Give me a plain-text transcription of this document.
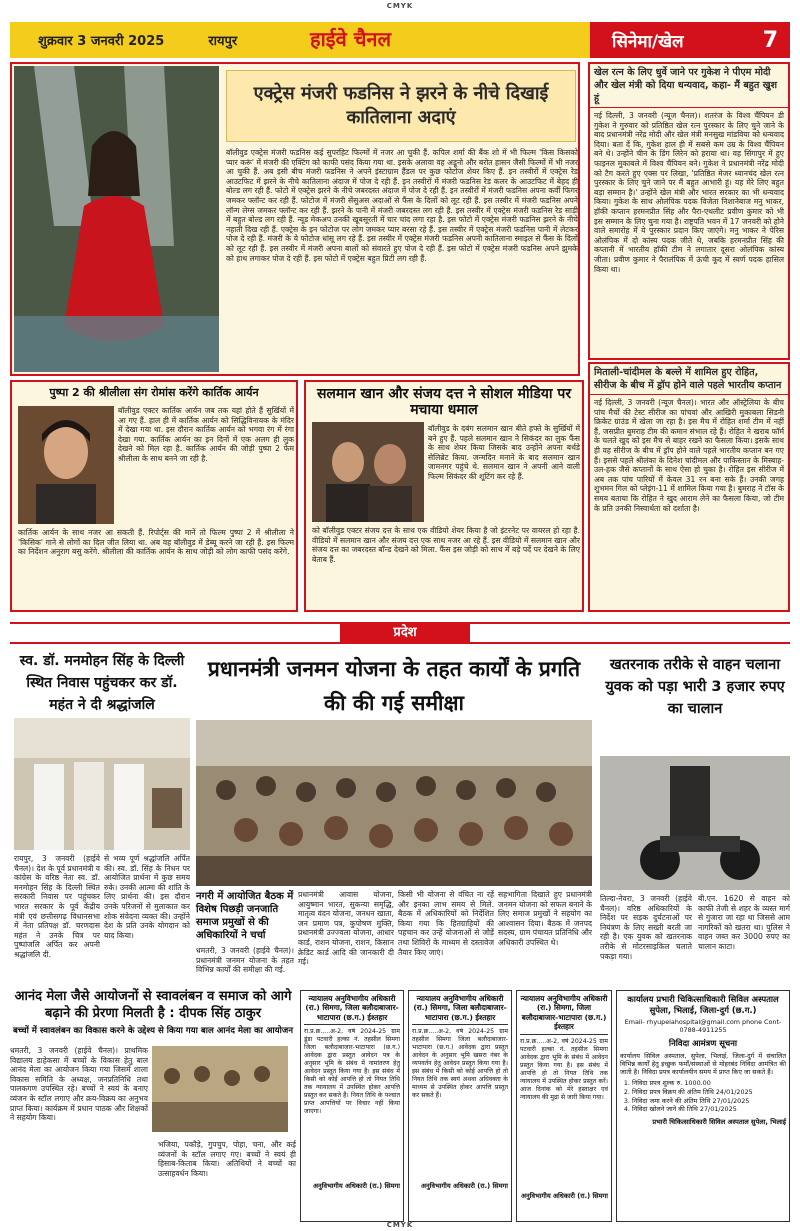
CMYK
शुक्रवार 3 जनवरी 2025	रायपुर	हाईवे चैनल	सिनेमा/खेल	7
एक्ट्रेस मंजरी फडनिस ने झरने के नीचे दिखाई कातिलाना अदाएं
बॉलीवुड एक्ट्रेस मंजरी फडनिस कई सुपरहिट फिल्मों में नजर आ चुकी हैं. कपिल शर्मा की बैंक शो में भी फिल्म 'किस किसको प्यार करूं' में मंजरी की एक्टिंग को काफी पसंद किया गया था. इसके अलावा वह अडूनो और बरोत हासन जैसी फिल्मों में भी नजर आ चुकी हैं. अब इसी बीच मंजरी फडनिस ने अपने इंस्टाग्राम हैंडल पर कुछ फोटोज शेयर किए हैं. इन तस्वीरों में एक्ट्रेस रेड आउटफिट में झरने के नीचे कातिलाना अंदाज में पोज दे रही हैं. इन तस्वीरों में मंजरी फडनिस रेड कलर के आउटफिट में बेहद ही बोल्ड लग रही हैं. फोटो में एक्ट्रेस झरने के नीचे जबरदस्त अंदाज में पोज दे रही हैं. इन तस्वीरों में मंजरी फडनिस अपना कर्वी फिगर जमकर फ्लॉन्ट कर रही हैं. फोटोज में मंजरी सेंसुअस अदाओं से फैंस के दिलों को लूट रही हैं. इस तस्वीर में मंजरी फडनिस अपने लॉन्ग लेग्स जमकर फ्लॉन्ट कर रही हैं. झरने के पानी में मंजरी जबरदस्त लग रही हैं. इस तस्वीर में एक्ट्रेस मंजरी फडनिस रेड साड़ी में बहुत बोल्ड लग रही हैं. न्यूड मेकअप उनकी खूबसूरती में चार चांद लगा रहा है. इस फोटो में एक्ट्रेस मंजरी फडनिस झरने के नीचे नहाती दिख रही हैं. एक्ट्रेस के इन फोटोज पर लोग जमकर प्यार बरसा रहे हैं. इस तस्वीर में एक्ट्रेस मंजरी फडनिस पानी में लेटकर पोज दे रही हैं. मंजरी के ये फोटोज धांसू लग रहे हैं. इस तस्वीर में एक्ट्रेस मंजरी फडनिस अपनी कातिलाना स्माइल से फैंस के दिलों को लूट रही हैं. इस तस्वीर में मंजरी अपना बालों को संवारते हुए पोज दे रही हैं. इस फोटो में एक्ट्रेस मंजरी फडनिस अपने झुमके को हाथ लगाकर पोज दे रही हैं. इस फोटो में एक्ट्रेस बहुत प्रिटी लग रही हैं.
खेल रत्न के लिए धुर्वे जाने पर गुकेश ने पीएम मोदी और खेल मंत्री को दिया धन्यवाद, कहा- मैं बहुत खुश हूं
नई दिल्ली, 3 जनवरी (न्यूज चैनल)। शतरंज के विश्व चैंपियन डी गुकेश ने गुरुवार को प्रतिष्ठित खेल रत्न पुरस्कार के लिए चुने जाने के बाद प्रधानमंत्री नरेंद्र मोदी और खेल मंत्री मनसुख मांडविया को धन्यवाद दिया। बता दें कि, गुकेश हाल ही में सबसे कम उम्र के विश्व चैंपियन बने थे। उन्होंने चीन के डिंग लिरेन को हराया था। वह सिंगापुर में हुए फाइनल मुकाबले में विश्व चैंपियन बने। गुकेश ने प्रधानमंत्री नरेंद्र मोदी को टैग करते हुए एक्स पर लिखा, 'प्रतिष्ठित मेजर ध्यानचंद खेल रत्न पुरस्कार के लिए चुने जाने पर मैं बहुत आभारी हूं। यह मेरे लिए बहुत बड़ा सम्मान है।' उन्होंने खेल मंत्री और भारत सरकार का भी धन्यवाद किया। गुकेश के साथ ओलंपिक पदक विजेता निशानेबाज मनु भाकर, हॉकी कप्तान हरमनप्रीत सिंह और पैरा-एथलीट प्रवीण कुमार को भी इस सम्मान के लिए चुना गया है। राष्ट्रपति भवन में 17 जनवरी को होने वाले समारोह में ये पुरस्कार प्रदान किए जाएंगे। मनु भाकर ने पेरिस ओलंपिक में दो कांस्य पदक जीते थे, जबकि हरमनप्रीत सिंह की कप्तानी में भारतीय हॉकी टीम ने लगातार दूसरा ओलंपिक कांस्य जीता। प्रवीण कुमार ने पैरालंपिक में ऊंची कूद में स्वर्ण पदक हासिल किया था।
मिताली-चांदीमल के बल्ले में शामिल हुए रोहित, सीरीज के बीच में ड्रॉप होने वाले पहले भारतीय कप्तान
नई दिल्ली, 3 जनवरी (न्यूज चैनल)। भारत और ऑस्ट्रेलिया के बीच पांच मैचों की टेस्ट सीरीज का पांचवां और आखिरी मुकाबला सिडनी क्रिकेट ग्राउंड में खेला जा रहा है। इस मैच में रोहित शर्मा टीम में नहीं हैं, जसप्रीत बुमराह टीम की कमान संभाल रहे हैं। रोहित ने खराब फॉर्म के चलते खुद को इस मैच से बाहर रखने का फैसला किया। इसके साथ ही वह सीरीज के बीच में ड्रॉप होने वाले पहले भारतीय कप्तान बन गए हैं। इससे पहले श्रीलंका के दिनेश चांदीमल और पाकिस्तान के मिस्बाह-उल-हक जैसे कप्तानों के साथ ऐसा हो चुका है। रोहित इस सीरीज में अब तक पांच पारियों में केवल 31 रन बना सके हैं। उनकी जगह शुभमन गिल को प्लेइंग-11 में शामिल किया गया है। बुमराह ने टॉस के समय बताया कि रोहित ने खुद आराम लेने का फैसला किया, जो टीम के प्रति उनकी निस्वार्थता को दर्शाता है।
पुष्पा 2 की श्रीलीला संग रोमांस करेंगे कार्तिक आर्यन
बॉलीवुड एक्टर कार्तिक आर्यन जब तक यहां होते हैं सुर्खियों में आ गए हैं. हाल ही में कार्तिक आर्यन को सिद्धिविनायक के मंदिर में देखा गया था. इस दौरान कार्तिक आर्यन को भगवा रंग में रंगा देखा गया. कार्तिक आर्यन का इन दिनों में एक अलग ही लुक देखने को मिल रहा है. कार्तिक आर्यन की जोड़ी पुष्पा 2 फेम श्रीलीला के साथ बनने जा रही है.
कार्तिक आर्यन के साथ नजर आ सकती हैं. रिपोर्ट्स की मानें तो फिल्म पुष्पा 2 में श्रीलीला ने 'किसिक' गाने से लोगों का दिल जीत लिया था. अब वह बॉलीवुड में डेब्यू करने जा रही हैं. इस फिल्म का निर्देशन अनुराग बसु करेंगे. श्रीलीला की कार्तिक आर्यन के साथ जोड़ी को लोग काफी पसंद करेंगे.
सलमान खान और संजय दत्त ने सोशल मीडिया पर मचाया धमाल
बॉलीवुड के दबंग सलमान खान बीते हफ्ते के सुर्खियों में बने हुए हैं. पहले सलमान खान ने सिकंदर का लुक फैंस के साथ शेयर किया जिसके बाद उन्होंने अपना बर्थडे सेलिब्रेट किया. जन्मदिन मनाने के बाद सलमान खान जामनगर पहुंचे थे. सलमान खान ने अपनी आने वाली फिल्म सिकंदर की शूटिंग कर रहे हैं.
को बॉलीवुड एक्टर संजय दत्त के साथ एक वीडियो शेयर किया है जो इंटरनेट पर वायरल हो रहा है. वीडियो में सलमान खान और संजय दत्त एक साथ नजर आ रहे हैं. इस वीडियो में सलमान खान और संजय दत्त का जबरदस्त बॉन्ड देखने को मिला. फैंस इस जोड़ी को साथ में बड़े पर्दे पर देखने के लिए बेताब हैं.
प्रदेश
स्व. डॉ. मनमोहन सिंह के दिल्ली स्थित निवास पहुंचकर कर डॉ. महंत ने दी श्रद्धांजलि
रायपुर, 3 जनवरी (हाईवे चैनल)। देश के पूर्व प्रधानमंत्री व कांग्रेस के वरिष्ठ नेता स्व. डॉ. मनमोहन सिंह के दिल्ली स्थित सरकारी निवास पर पहुंचकर भारत सरकार के पूर्व केंद्रीय मंत्री एवं छत्तीसगढ़ विधानसभा में नेता प्रतिपक्ष डॉ. चरणदास महंत ने उनके चित्र पर पुष्पांजलि अर्पित कर अपनी श्रद्धांजलि दी.
से भव्य पूर्ण श्रद्धांजलि अर्पित की। स्व. डॉ. सिंह के निधन पर आयोजित प्रार्थना में कुछ समय रुके। उनकी आत्मा की शांति के लिए प्रार्थना की। इस दौरान उनके परिजनों से मुलाकात कर शोक संवेदना व्यक्त की। उन्होंने देश के प्रति उनके योगदान को याद किया।
प्रधानमंत्री जनमन योजना के तहत कार्यों के प्रगति की की गई समीक्षा
नगरी में आयोजित बैठक में विशेष पिछड़ी जनजाति समाज प्रमुखों से की अधिकारियों ने चर्चा
धमतरी, 3 जनवरी (हाईवे चैनल)। प्रधानमंत्री जनमन योजना के तहत विभिन्न कार्यों की समीक्षा की गई.
प्रधानमंत्री आवास योजना, आयुष्मान भारत, सुकन्या समृद्धि, मातृत्व वंदन योजना, जनधन खाता, जन प्रमाण पत्र, कुपोषण मुक्ति, प्रधानमंत्री उज्ज्वला योजना, आधार कार्ड, राशन योजना, राशन, किसान क्रेडिट कार्ड आदि की जानकारी दी गई।
किसी भी योजना से वंचित ना रहें और इनका लाभ समय से मिले. बैठक में अधिकारियों को निर्देशित किया गया कि हितग्राहियों की पहचान कर उन्हें योजनाओं से जोड़ें तथा शिविरों के माध्यम से दस्तावेज तैयार किए जाएं।
सहभागिता दिखाते हुए प्रधानमंत्री जनमन योजना को सफल बनाने के लिए समाज प्रमुखों ने सहयोग का आश्वासन दिया। बैठक में जनपद सदस्य, ग्राम पंचायत प्रतिनिधि और अधिकारी उपस्थित थे।
खतरनाक तरीके से वाहन चलाना युवक को पड़ा भारी 3 हजार रुपए का चालान
तिल्दा-नेवरा, 3 जनवरी (हाईवे चैनल)। वरिष्ठ अधिकारियों के निर्देश पर सड़क दुर्घटनाओं पर नियंत्रण के लिए सख्ती बरती जा रही है। एक युवक को खतरनाक तरीके से मोटरसाइकिल चलाते पकड़ा गया।
बी.एन. 1620 से वाहन को काफी तेजी से शहर के व्यस्त मार्ग से गुजारा जा रहा था जिससे आम नागरिकों को खतरा था। पुलिस ने वाहन जब्त कर 3000 रुपए का चालान काटा।
आनंद मेला जैसे आयोजनों से स्वावलंबन व समाज को आगे बढ़ाने की प्रेरणा मिलती है : दीपक सिंह ठाकुर
बच्चों में स्वावलंबन का विकास करने के उद्देश्य से किया गया बाल आनंद मेला का आयोजन
धमतरी, 3 जनवरी (हाईवे चैनल)। प्राथमिक विद्यालय डाहेकसा में बच्चों के विकास हेतु बाल आनंद मेला का आयोजन किया गया जिसमें शाला विकास समिति के अध्यक्ष, जनप्रतिनिधि तथा पालकगण उपस्थित रहे। बच्चों ने स्वयं के बनाए व्यंजन के स्टॉल लगाए और क्रय-विक्रय का अनुभव प्राप्त किया। कार्यक्रम में प्रधान पाठक और शिक्षकों ने सहयोग किया।
भजिया, पकौड़े, गुपचुप, पोहा, चना, और कई व्यंजनों के स्टॉल लगाए गए। बच्चों ने स्वयं ही हिसाब-किताब किया। अतिथियों ने बच्चों का उत्साहवर्धन किया।
न्यायालय अनुविभागीय अधिकारी (रा.) सिमगा, जिला बलौदाबाजार-भाटापारा (छ.ग.) ईश्तहार
रा.प्र.क्र.....अ-2, वर्ष 2024-25 ग्राम डूंडा पटवारी हल्का नं. तहसील सिमगा जिला बलौदाबाजार-भाटापारा (छ.ग.) आवेदक द्वारा प्रस्तुत आवेदन पत्र के अनुसार भूमि के संबंध में नामांतरण हेतु आवेदन प्रस्तुत किया गया है। इस संबंध में किसी को कोई आपत्ति हो तो नियत तिथि तक न्यायालय में उपस्थित होकर आपत्ति प्रस्तुत कर सकते हैं। नियत तिथि के पश्चात प्राप्त आपत्तियों पर विचार नहीं किया जाएगा।
अनुविभागीय अधिकारी (रा.) सिमगा
न्यायालय अनुविभागीय अधिकारी (रा.) सिमगा, जिला बलौदाबाजार-भाटापारा (छ.ग.) ईश्तहार
रा.प्र.क्र.....अ-2, वर्ष 2024-25 ग्राम तहसील सिमगा जिला बलौदाबाजार-भाटापारा (छ.ग.) आवेदक द्वारा प्रस्तुत आवेदन के अनुसार भूमि खसरा नंबर के व्यपवर्तन हेतु आवेदन प्रस्तुत किया गया है। इस संबंध में किसी को कोई आपत्ति हो तो नियत तिथि तक स्वयं अथवा अधिवक्ता के माध्यम से उपस्थित होकर आपत्ति प्रस्तुत कर सकते हैं।
अनुविभागीय अधिकारी (रा.) सिमगा
न्यायालय अनुविभागीय अधिकारी (रा.) सिमगा, जिला बलौदाबाजार-भाटापारा (छ.ग.) ईश्तहार
रा.प्र.क्र.....अ-2, वर्ष 2024-25 ग्राम पटवारी हल्का नं. तहसील सिमगा आवेदक द्वारा भूमि के संबंध में आवेदन प्रस्तुत किया गया है। इस संबंध में आपत्ति हो तो नियत तिथि तक न्यायालय में उपस्थित होकर प्रस्तुत करें। आज दिनांक को मेरे हस्ताक्षर एवं न्यायालय की मुद्रा से जारी किया गया।
अनुविभागीय अधिकारी (रा.) सिमगा
कार्यालय प्रभारी चिकित्साधिकारी सिविल अस्पताल सुपेला, भिलाई, जिला-दुर्ग (छ.ग.)
Email- rhyupelahospital@gmail.com phone Cont- 0788-4911255
निविदा आमंत्रण सूचना
कार्यालय सिविल अस्पताल, सुपेला, भिलाई, जिला-दुर्ग में संचालित विभिन्न कार्यों हेतु इच्छुक फर्मों/संस्थाओं से मोहरबंद निविदा आमंत्रित की जाती है। निविदा प्रपत्र कार्यालयीन समय में प्राप्त किए जा सकते हैं।
1. निविदा प्रपत्र शुल्क रु. 1000.00
2. निविदा प्रपत्र विक्रय की अंतिम तिथि 24/01/2025
3. निविदा जमा करने की अंतिम तिथि 27/01/2025
4. निविदा खोलने जाने की तिथि 27/01/2025
प्रभारी चिकित्साधिकारी सिविल अस्पताल सुपेला, भिलाई
CMYK
